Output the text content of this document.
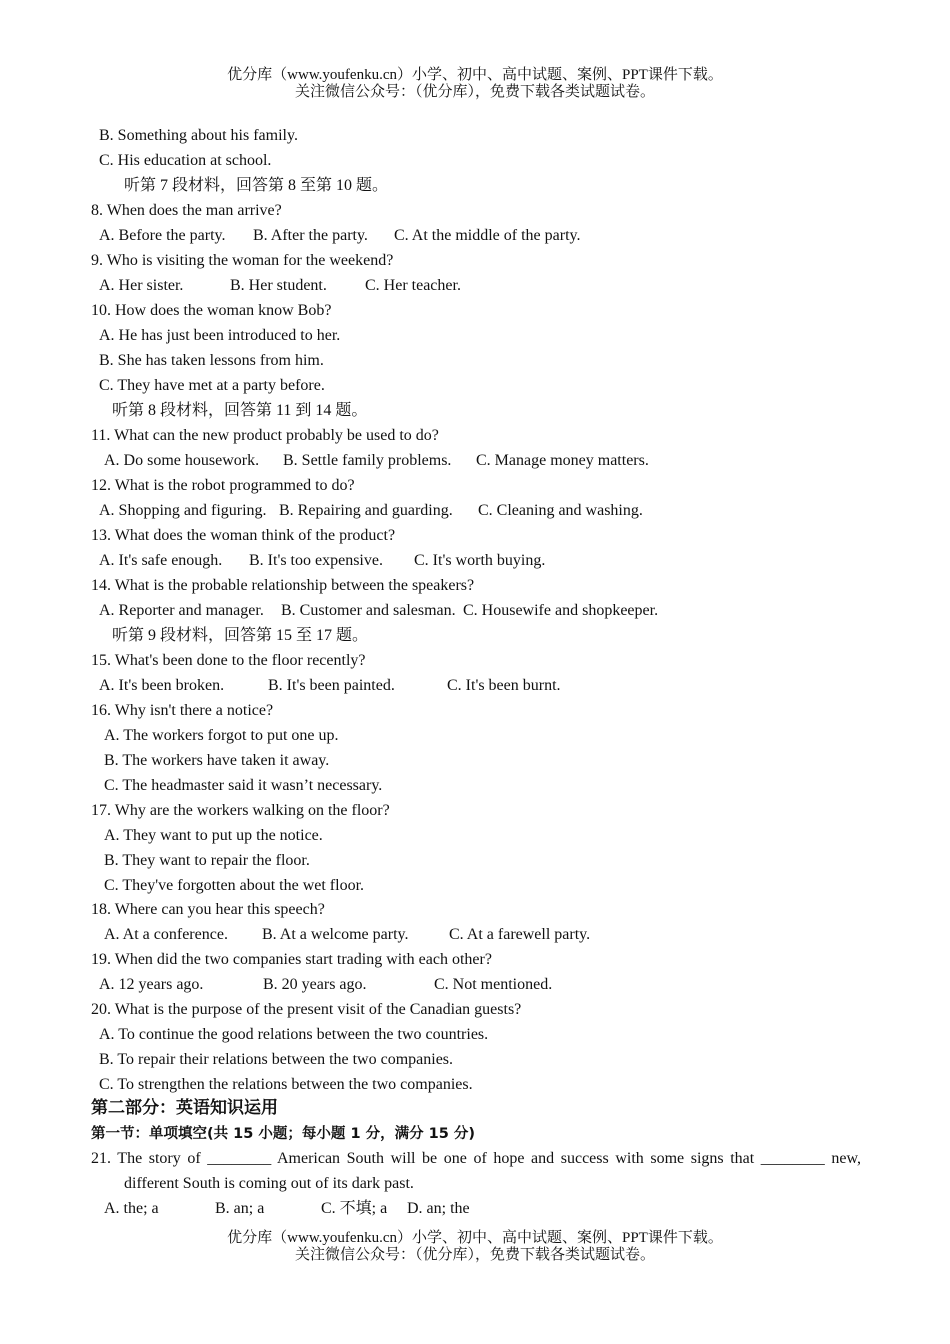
优分库（www.youfenku.cn）小学、初中、高中试题、案例、PPT课件下载。
关注微信公众号：（优分库），免费下载各类试题试卷。
B. Something about his family.
C. His education at school.
听第 7 段材料，回答第 8 至第 10 题。
8. When does the man arrive?
A. Before the party. B. After the party. C. At the middle of the party.
9. Who is visiting the woman for the weekend?
A. Her sister.	B. Her student. C. Her teacher.
10. How does the woman know Bob?
A. He has just been introduced to her.
B. She has taken lessons from him.
C. They have met at a party before.
听第 8 段材料，回答第 11 到 14 题。
11. What can the new product probably be used to do?
A. Do some housework. B. Settle family problems. C. Manage money matters.
12. What is the robot programmed to do?
A. Shopping and figuring. B. Repairing and guarding. C. Cleaning and washing.
13. What does the woman think of the product?
A. It's safe enough. B. It's too expensive. C. It's worth buying.
14. What is the probable relationship between the speakers?
A. Reporter and manager. B. Customer and salesman. C. Housewife and shopkeeper.
听第 9 段材料，回答第 15 至 17 题。
15. What's been done to the floor recently?
A. It's been broken.	B. It's been painted.	C. It's been burnt.
16. Why isn't there a notice?
A. The workers forgot to put one up.
B. The workers have taken it away.
C. The headmaster said it wasn’t necessary.
17. Why are the workers walking on the floor?
A. They want to put up the notice.
B. They want to repair the floor.
C. They've forgotten about the wet floor.
18. Where can you hear this speech?
A. At a conference. B. At a welcome party.	C. At a farewell party.
19. When did the two companies start trading with each other?
A. 12 years ago.	B. 20 years ago.	C. Not mentioned.
20. What is the purpose of the present visit of the Canadian guests?
A. To continue the good relations between the two countries.
B. To repair their relations between the two companies.
C. To strengthen the relations between the two companies.
第二部分：英语知识运用
第一节：单项填空(共 15 小题；每小题 1 分，满分 15 分)
21. The story of ________ American South will be one of hope and success with some signs that ________ new,
different South is coming out of its dark past.
A. the; a	B. an; a	C. 不填; a D. an; the
优分库（www.youfenku.cn）小学、初中、高中试题、案例、PPT课件下载。
关注微信公众号：（优分库），免费下载各类试题试卷。
